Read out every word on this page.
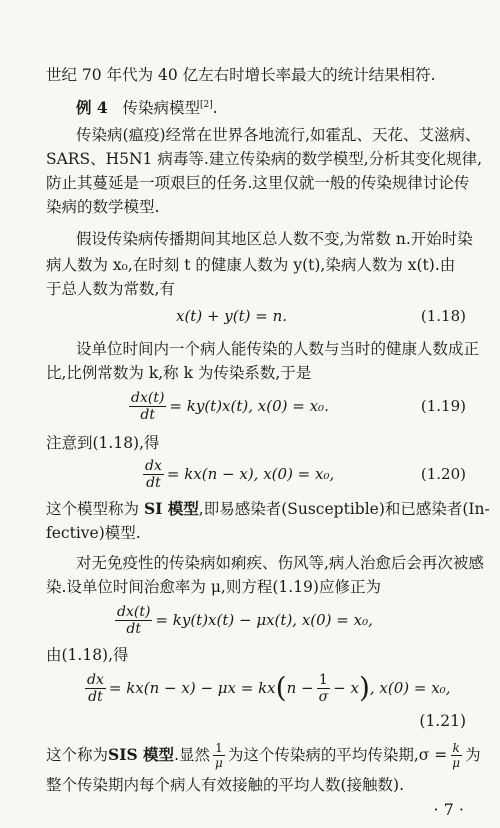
世纪 70 年代为 40 亿左右时增长率最大的统计结果相符.
例 4 传染病模型[2].
传染病(瘟疫)经常在世界各地流行,如霍乱、天花、艾滋病、
SARS、H5N1 病毒等.建立传染病的数学模型,分析其变化规律,
防止其蔓延是一项艰巨的任务.这里仅就一般的传染规律讨论传
染病的数学模型.
假设传染病传播期间其地区总人数不变,为常数 n.开始时染
病人数为 x₀,在时刻 t 的健康人数为 y(t),染病人数为 x(t).由
于总人数为常数,有
x(t) + y(t) = n.	(1.18)
设单位时间内一个病人能传染的人数与当时的健康人数成正
比,比例常数为 k,称 k 为传染系数,于是
$\frac{dx(t)}{dt} = ky(t)x(t)$, x(0) = x₀.	(1.19)
注意到(1.18),得
$\frac{dx}{dt} = kx(n - x)$, x(0) = x₀,	(1.20)
这个模型称为 SI 模型,即易感染者(Susceptible)和已感染者(In-
fective)模型.
对无免疫性的传染病如痢疾、伤风等,病人治愈后会再次被感
染.设单位时间治愈率为 μ,则方程(1.19)应修正为
$\frac{dx(t)}{dt} = ky(t)x(t) - \mu x(t)$, x(0) = x₀,
由(1.18),得
$\frac{dx}{dt} = kx(n - x) - \mu x$ = kx ( $n - \frac{1}{\sigma} - x$ ) , x(0) = x₀,
(1.21)
这个称为 SIS 模型 .显然 $\frac{1}{\mu}$ 为这个传染病的平均传染期$,\sigma = \frac{k}{\mu}$ 为
整个传染期内每个病人有效接触的平均人数(接触数).
· 7 ·
